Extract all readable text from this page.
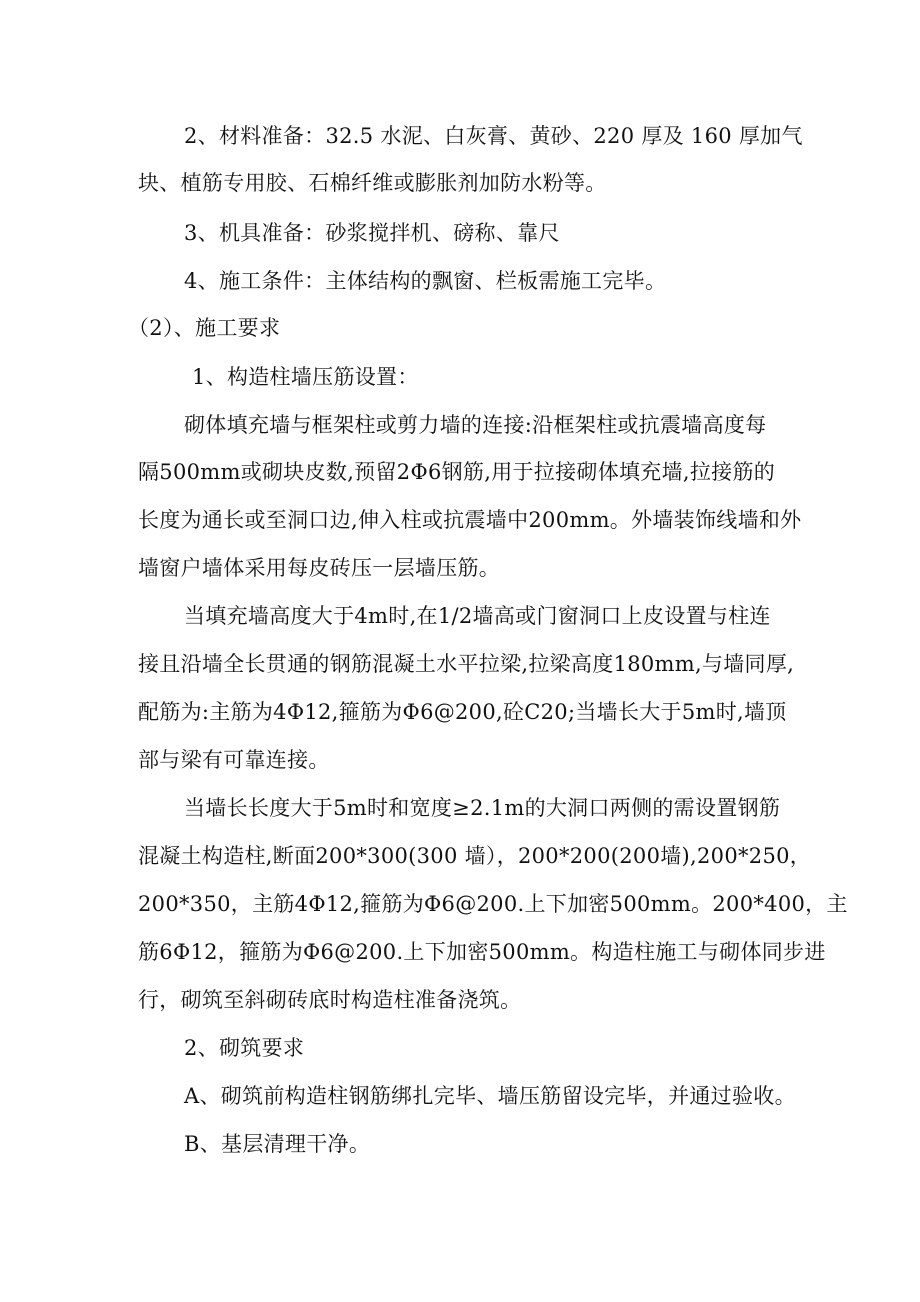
2、材料准备：32.5 水泥、白灰膏、黄砂、220 厚及 160 厚加气
块、植筋专用胶、石棉纤维或膨胀剂加防水粉等。
3、机具准备：砂浆搅拌机、磅称、靠尺
4、施工条件：主体结构的飘窗、栏板需施工完毕。
（2）、施工要求
1、构造柱墙压筋设置：
砌体填充墙与框架柱或剪力墙的连接:沿框架柱或抗震墙高度每
隔500mm或砌块皮数,预留2Φ6钢筋,用于拉接砌体填充墙,拉接筋的
长度为通长或至洞口边,伸入柱或抗震墙中200mm。外墙装饰线墙和外
墙窗户墙体采用每皮砖压一层墙压筋。
当填充墙高度大于4m时,在1/2墙高或门窗洞口上皮设置与柱连
接且沿墙全长贯通的钢筋混凝土水平拉梁,拉梁高度180mm,与墙同厚,
配筋为:主筋为4Φ12,箍筋为Φ6@200,砼C20;当墙长大于5m时,墙顶
部与梁有可靠连接。
当墙长长度大于5m时和宽度≥2.1m的大洞口两侧的需设置钢筋
混凝土构造柱,断面200*300(300 墙），200*200(200墙),200*250，
200*350，主筋4Φ12,箍筋为Φ6@200.上下加密500mm。200*400，主
筋6Φ12，箍筋为Φ6@200.上下加密500mm。构造柱施工与砌体同步进
行，砌筑至斜砌砖底时构造柱准备浇筑。
2、砌筑要求
A、砌筑前构造柱钢筋绑扎完毕、墙压筋留设完毕，并通过验收。
B、基层清理干净。
